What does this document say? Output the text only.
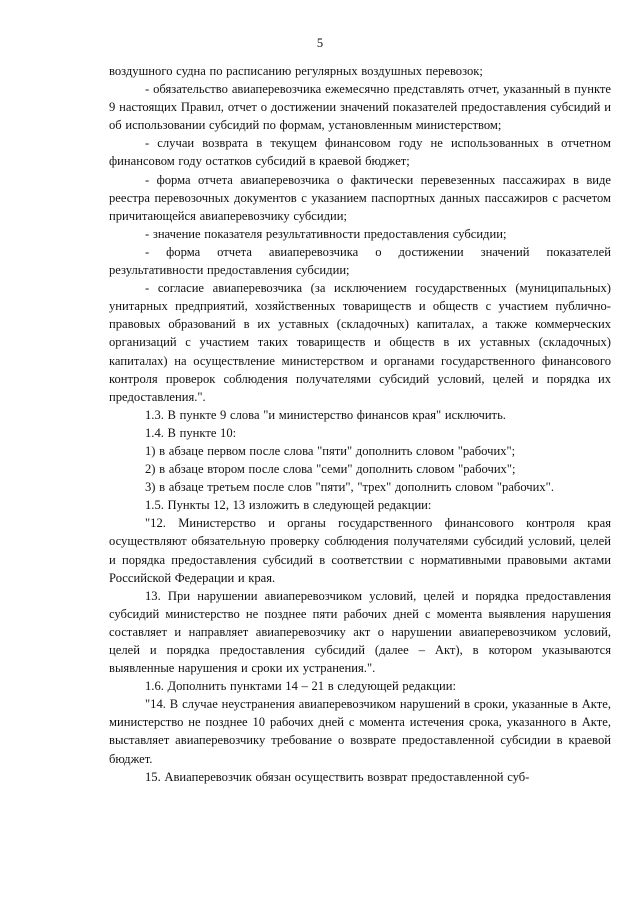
5

воздушного судна по расписанию регулярных воздушных перевозок;

- обязательство авиаперевозчика ежемесячно представлять отчет, указанный в пункте 9 настоящих Правил, отчет о достижении значений показателей предоставления субсидий и об использовании субсидий по формам, установленным министерством;

- случаи возврата в текущем финансовом году не использованных в отчетном финансовом году остатков субсидий в краевой бюджет;

- форма отчета авиаперевозчика о фактически перевезенных пассажирах в виде реестра перевозочных документов с указанием паспортных данных пассажиров с расчетом причитающейся авиаперевозчику субсидии;

- значение показателя результативности предоставления субсидии;

- форма отчета авиаперевозчика о достижении значений показателей результативности предоставления субсидии;

- согласие авиаперевозчика (за исключением государственных (муниципальных) унитарных предприятий, хозяйственных товариществ и обществ с участием публично-правовых образований в их уставных (складочных) капиталах, а также коммерческих организаций с участием таких товариществ и обществ в их уставных (складочных) капиталах) на осуществление министерством и органами государственного финансового контроля проверок соблюдения получателями субсидий условий, целей и порядка их предоставления.".

1.3. В пункте 9 слова "и министерство финансов края" исключить.

1.4. В пункте 10:

1) в абзаце первом после слова "пяти" дополнить словом "рабочих";

2) в абзаце втором после слова "семи" дополнить словом "рабочих";

3) в абзаце третьем после слов "пяти", "трех" дополнить словом "рабочих".

1.5. Пункты 12, 13 изложить в следующей редакции:

"12. Министерство и органы государственного финансового контроля края осуществляют обязательную проверку соблюдения получателями субсидий условий, целей и порядка предоставления субсидий в соответствии с нормативными правовыми актами Российской Федерации и края.

13. При нарушении авиаперевозчиком условий, целей и порядка предоставления субсидий министерство не позднее пяти рабочих дней с момента выявления нарушения составляет и направляет авиаперевозчику акт о нарушении авиаперевозчиком условий, целей и порядка предоставления субсидий (далее – Акт), в котором указываются выявленные нарушения и сроки их устранения.".

1.6. Дополнить пунктами 14 – 21 в следующей редакции:

"14. В случае неустранения авиаперевозчиком нарушений в сроки, указанные в Акте, министерство не позднее 10 рабочих дней с момента истечения срока, указанного в Акте, выставляет авиаперевозчику требование о возврате предоставленной субсидии в краевой бюджет.

15. Авиаперевозчик обязан осуществить возврат предоставленной суб-
